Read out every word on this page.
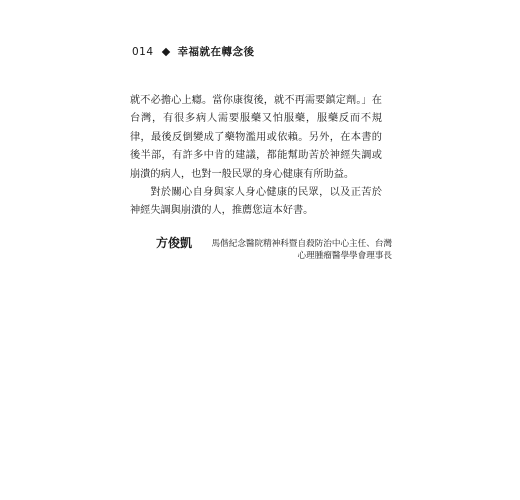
014 幸福就在轉念後

就不必擔心上癮。當你康復後，就不再需要鎮定劑。」在台灣，有很多病人需要服藥又怕服藥，服藥反而不規律，最後反倒變成了藥物濫用或依賴。另外，在本書的後半部，有許多中肯的建議，都能幫助苦於神經失調或崩潰的病人，也對一般民眾的身心健康有所助益。

對於關心自身與家人身心健康的民眾，以及正苦於神經失調與崩潰的人，推薦您這本好書。

方俊凱	馬偕紀念醫院精神科暨自殺防治中心主任、台灣心理腫瘤醫學學會理事長
